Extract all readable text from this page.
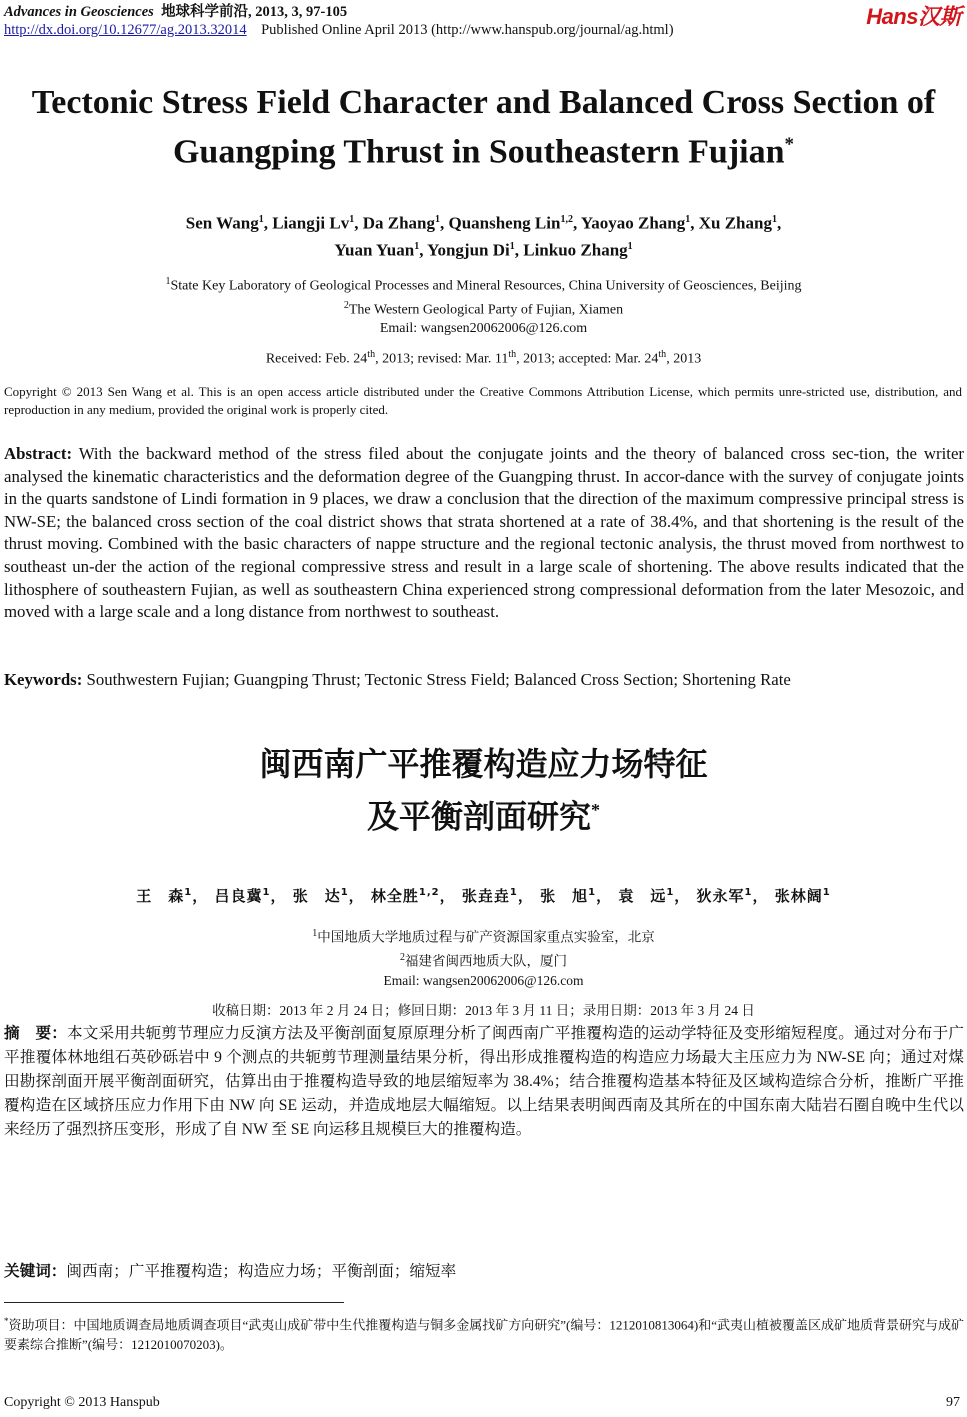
Advances in Geosciences 地球科学前沿, 2013, 3, 97-105
http://dx.doi.org/10.12677/ag.2013.32014 Published Online April 2013 (http://www.hanspub.org/journal/ag.html)
Hans汉斯
Tectonic Stress Field Character and Balanced Cross Section of
Guangping Thrust in Southeastern Fujian*
Sen Wang$^1$, Liangji Lv$^1$, Da Zhang$^1$, Quansheng Lin$^{1,2}$, Yaoyao Zhang$^1$, Xu Zhang$^1$,
Yuan Yuan$^1$, Yongjun Di$^1$, Linkuo Zhang$^1$
$^1$State Key Laboratory of Geological Processes and Mineral Resources, China University of Geosciences, Beijing
$^2$The Western Geological Party of Fujian, Xiamen
Email: wangsen20062006@126.com
Received: Feb. 24th, 2013; revised: Mar. 11th, 2013; accepted: Mar. 24th, 2013
Copyright © 2013 Sen Wang et al. This is an open access article distributed under the Creative Commons Attribution License, which permits unre-stricted use, distribution, and reproduction in any medium, provided the original work is properly cited.
Abstract: With the backward method of the stress filed about the conjugate joints and the theory of balanced cross sec-tion, the writer analysed the kinematic characteristics and the deformation degree of the Guangping thrust. In accor-dance with the survey of conjugate joints in the quarts sandstone of Lindi formation in 9 places, we draw a conclusion that the direction of the maximum compressive principal stress is NW-SE; the balanced cross section of the coal district shows that strata shortened at a rate of 38.4%, and that shortening is the result of the thrust moving. Combined with the basic characters of nappe structure and the regional tectonic analysis, the thrust moved from northwest to southeast un-der the action of the regional compressive stress and result in a large scale of shortening. The above results indicated that the lithosphere of southeastern Fujian, as well as southeastern China experienced strong compressional deformation from the later Mesozoic, and moved with a large scale and a long distance from northwest to southeast.
Keywords: Southwestern Fujian; Guangping Thrust; Tectonic Stress Field; Balanced Cross Section; Shortening Rate
闽西南广平推覆构造应力场特征
及平衡剖面研究*
王　森$^1$， 吕良冀$^1$， 张　达$^1$， 林全胜$^{1,2}$， 张垚垚$^1$， 张　旭$^1$， 袁　远$^1$， 狄永军$^1$， 张林阔$^1$
$^1$中国地质大学地质过程与矿产资源国家重点实验室，北京
$^2$福建省闽西地质大队，厦门
Email: wangsen20062006@126.com
收稿日期：2013 年 2 月 24 日；修回日期：2013 年 3 月 11 日；录用日期：2013 年 3 月 24 日
摘　要：本文采用共轭剪节理应力反演方法及平衡剖面复原原理分析了闽西南广平推覆构造的运动学特征及变形缩短程度。通过对分布于广平推覆体林地组石英砂砾岩中 9 个测点的共轭剪节理测量结果分析，得出形成推覆构造的构造应力场最大主压应力为 NW-SE 向；通过对煤田勘探剖面开展平衡剖面研究，估算出由于推覆构造导致的地层缩短率为 38.4%；结合推覆构造基本特征及区域构造综合分析，推断广平推覆构造在区域挤压应力作用下由 NW 向 SE 运动，并造成地层大幅缩短。以上结果表明闽西南及其所在的中国东南大陆岩石圈自晚中生代以来经历了强烈挤压变形，形成了自 NW 至 SE 向运移且规模巨大的推覆构造。
关键词：闽西南；广平推覆构造；构造应力场；平衡剖面；缩短率
*资助项目：中国地质调查局地质调查项目“武夷山成矿带中生代推覆构造与铜多金属找矿方向研究”(编号：1212010813064)和“武夷山植被覆盖区成矿地质背景研究与成矿要素综合推断”(编号：1212010070203)。
Copyright © 2013 Hanspub	97
